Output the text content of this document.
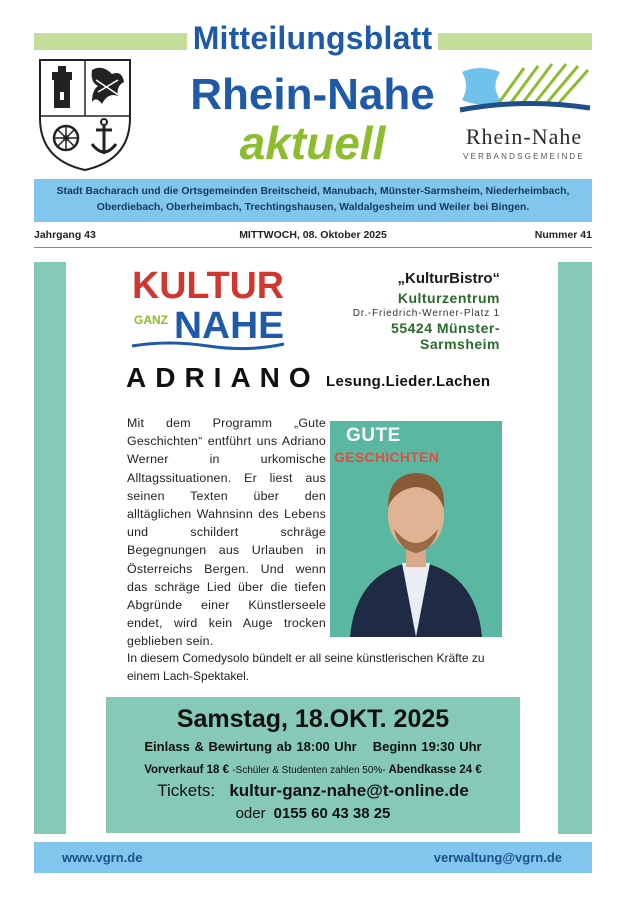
Mitteilungsblatt
Rhein-Nahe
aktuell	Rhein-Nahe
VERBANDSGEMEINDE
Stadt Bacharach und die Ortsgemeinden Breitscheid, Manubach, Münster-Sarmsheim, Niederheimbach,
Oberdiebach, Oberheimbach, Trechtingshausen, Waldalgesheim und Weiler bei Bingen.
Jahrgang 43	MITTWOCH, 08. Oktober 2025	Nummer 41
KULTUR
GANZ NAHE
„KulturBistro“
Kulturzentrum
Dr.-Friedrich-Werner-Platz 1
55424 Münster-Sarmsheim
ADRIANO Lesung.Lieder.Lachen
Mit dem Programm „Gute Geschichten“ entführt uns Adriano Werner in urkomische Alltagssituationen. Er liest aus seinen Texten über den alltäglichen Wahnsinn des Lebens und schildert schräge Begegnungen aus Urlauben in Österreichs Bergen. Und wenn das schräge Lied über die tiefen Abgründe einer Künstlerseele endet, wird kein Auge trocken geblieben sein.
GUTE
GESCHICHTEN
In diesem Comedysolo bündelt er all seine künstlerischen Kräfte zu einem Lach-Spektakel.
Samstag, 18.OKT. 2025
Einlass & Bewirtung ab 18:00 Uhr Beginn 19:30 Uhr
Vorverkauf 18 € -Schüler & Studenten zahlen 50%- Abendkasse 24 €
Tickets: kultur-ganz-nahe@t-online.de
oder 0155 60 43 38 25
www.vgrn.de	verwaltung@vgrn.de
